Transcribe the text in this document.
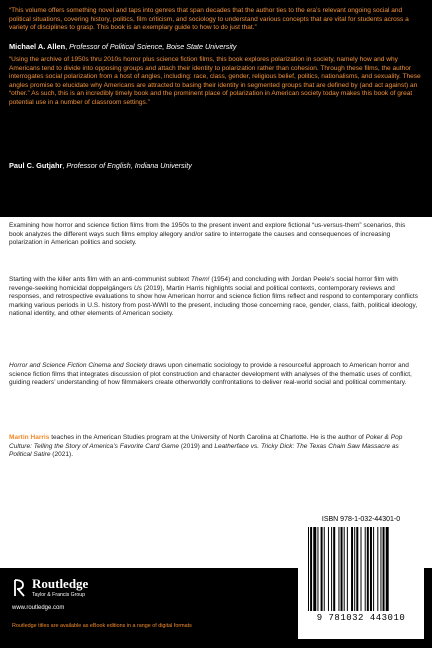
“This volume offers something novel and taps into genres that span decades that the author ties to the era’s relevant ongoing social and political situations, covering history, politics, film criticism, and sociology to understand various concepts that are vital for students across a variety of disciplines to grasp. This book is an exemplary guide to how to do just that.”

Michael A. Allen, Professor of Political Science, Boise State University

“Using the archive of 1950s thru 2010s horror plus science fiction films, this book explores polarization in society, namely how and why Americans tend to divide into opposing groups and attach their identity to polarization rather than cohesion. Through these films, the author interrogates social polarization from a host of angles, including: race, class, gender, religious belief, politics, nationalisms, and sexuality. These angles promise to elucidate why Americans are attracted to basing their identity in segmented groups that are defined by (and act against) an “other.” As such, this is an incredibly timely book and the prominent place of polarization in American society today makes this book of great potential use in a number of classroom settings.”

Paul C. Gutjahr, Professor of English, Indiana University

Examining how horror and science fiction films from the 1950s to the present invent and explore fictional “us-versus-them” scenarios, this book analyzes the different ways such films employ allegory and/or satire to interrogate the causes and consequences of increasing polarization in American politics and society.

Starting with the killer ants film with an anti-communist subtext Them! (1954) and concluding with Jordan Peele’s social horror film with revenge-seeking homicidal doppelgängers Us (2019), Martin Harris highlights social and political contexts, contemporary reviews and responses, and retrospective evaluations to show how American horror and science fiction films reflect and respond to contemporary conflicts marking various periods in U.S. history from post-WWII to the present, including those concerning race, gender, class, faith, political ideology, national identity, and other elements of American society.

Horror and Science Fiction Cinema and Society draws upon cinematic sociology to provide a resourceful approach to American horror and science fiction films that integrates discussion of plot construction and character development with analyses of the thematic uses of conflict, guiding readers’ understanding of how filmmakers create otherworldly confrontations to deliver real-world social and political commentary.

Martin Harris teaches in the American Studies program at the University of North Carolina at Charlotte. He is the author of Poker & Pop Culture: Telling the Story of America’s Favorite Card Game (2019) and Leatherface vs. Tricky Dick: The Texas Chain Saw Massacre as Political Satire (2021).

Routledge
Taylor & Francis Group
www.routledge.com
Routledge titles are available as eBook editions in a range of digital formats
ISBN 978-1-032-44301-0
9 781032 443010
